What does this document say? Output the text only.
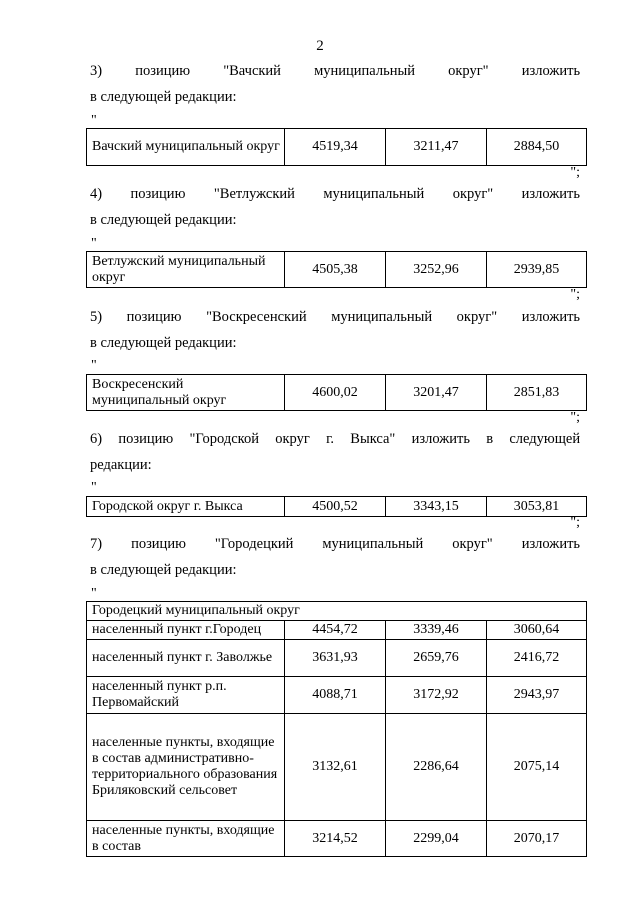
2
3) позицию "Вачский муниципальный округ" изложить
в следующей редакции:
"
Вачский муниципальный округ	4519,34	3211,47	2884,50
";
4) позицию "Ветлужский муниципальный округ" изложить
в следующей редакции:
"
Ветлужский муниципальный округ	4505,38	3252,96	2939,85
";
5) позицию "Воскресенский муниципальный округ" изложить
в следующей редакции:
"
Воскресенский муниципальный округ	4600,02	3201,47	2851,83
";
6) позицию "Городской округ г. Выкса" изложить в следующей
редакции:
"
Городской округ г. Выкса	4500,52	3343,15	3053,81
";
7) позицию "Городецкий муниципальный округ" изложить
в следующей редакции:
"
Городецкий муниципальный округ			
населенный пункт г.Городец	4454,72	3339,46	3060,64
населенный пункт г. Заволжье	3631,93	2659,76	2416,72
населенный пункт р.п. Первомайский	4088,71	3172,92	2943,97
населенные пункты, входящие в состав административно-территориального образования Бриляковский сельсовет	3132,61	2286,64	2075,14
населенные пункты, входящие в состав	3214,52	2299,04	2070,17
